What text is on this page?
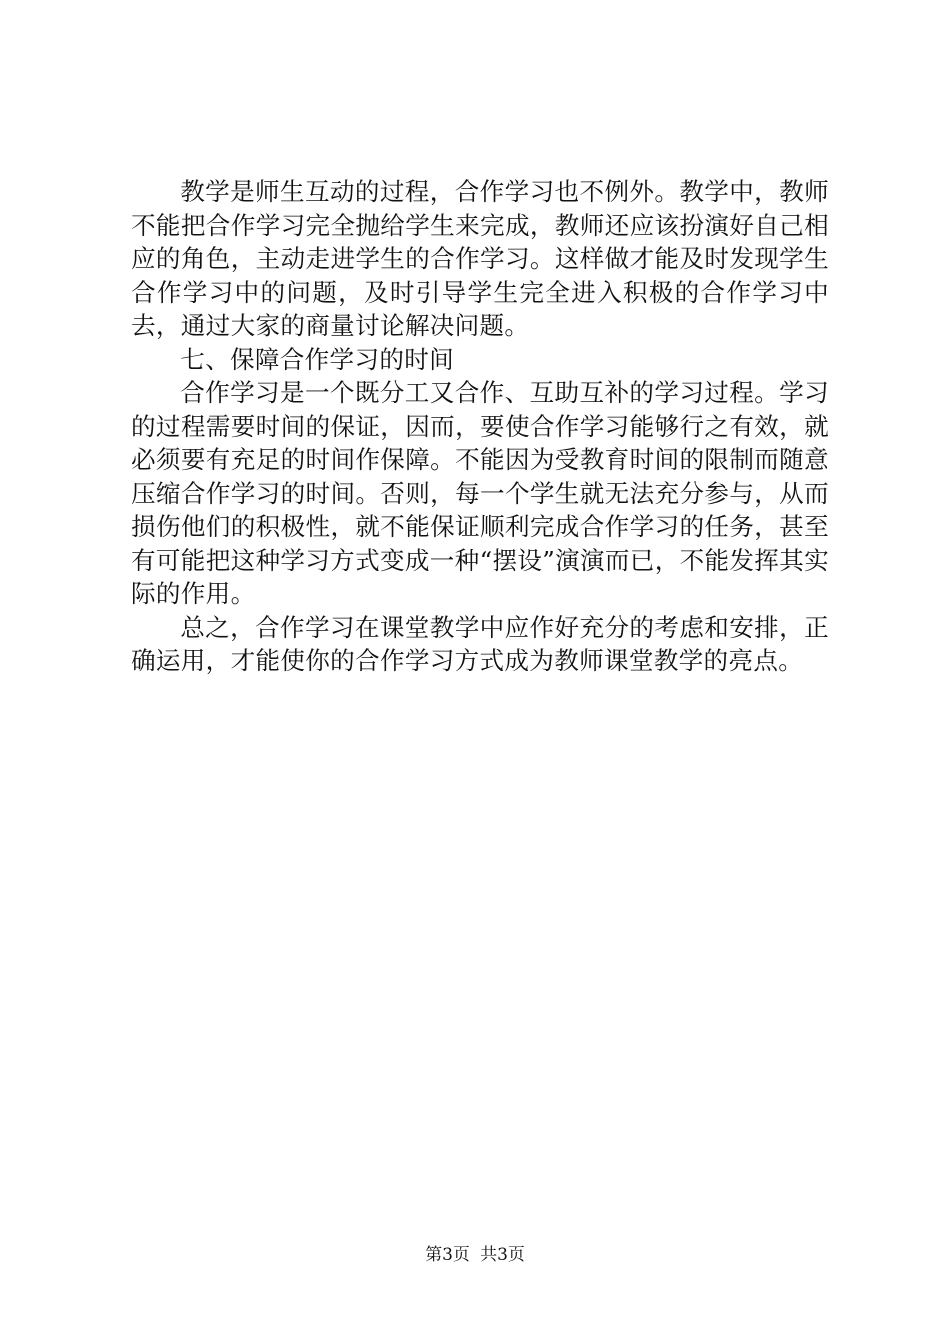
教学是师生互动的过程，合作学习也不例外。教学中，教师不能把合作学习完全抛给学生来完成，教师还应该扮演好自己相应的角色，主动走进学生的合作学习。这样做才能及时发现学生合作学习中的问题，及时引导学生完全进入积极的合作学习中去，通过大家的商量讨论解决问题。

七、保障合作学习的时间

合作学习是一个既分工又合作、互助互补的学习过程。学习的过程需要时间的保证，因而，要使合作学习能够行之有效，就必须要有充足的时间作保障。不能因为受教育时间的限制而随意压缩合作学习的时间。否则，每一个学生就无法充分参与，从而损伤他们的积极性，就不能保证顺利完成合作学习的任务，甚至有可能把这种学习方式变成一种“摆设”演演而已，不能发挥其实际的作用。

总之，合作学习在课堂教学中应作好充分的考虑和安排，正确运用，才能使你的合作学习方式成为教师课堂教学的亮点。

第3页 共3页
